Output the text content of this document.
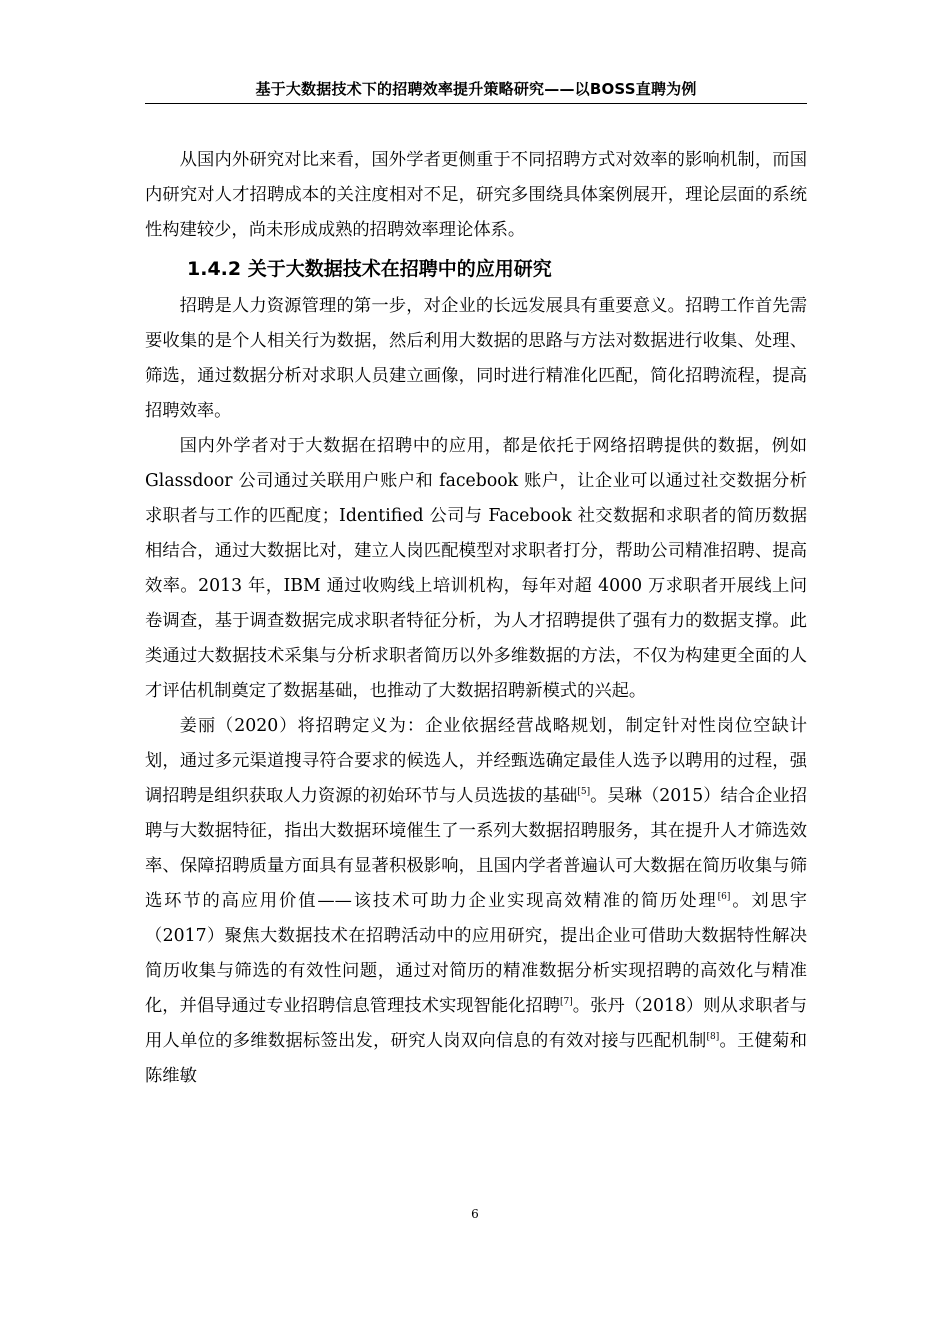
基于大数据技术下的招聘效率提升策略研究——以BOSS直聘为例

从国内外研究对比来看，国外学者更侧重于不同招聘方式对效率的影响机制，而国内研究对人才招聘成本的关注度相对不足，研究多围绕具体案例展开，理论层面的系统性构建较少，尚未形成成熟的招聘效率理论体系。

1.4.2 关于大数据技术在招聘中的应用研究

招聘是人力资源管理的第一步，对企业的长远发展具有重要意义。招聘工作首先需要收集的是个人相关行为数据，然后利用大数据的思路与方法对数据进行收集、处理、筛选，通过数据分析对求职人员建立画像，同时进行精准化匹配，简化招聘流程，提高招聘效率。

国内外学者对于大数据在招聘中的应用，都是依托于网络招聘提供的数据，例如 Glassdoor 公司通过关联用户账户和 facebook 账户，让企业可以通过社交数据分析求职者与工作的匹配度；Identified 公司与 Facebook 社交数据和求职者的简历数据相结合，通过大数据比对，建立人岗匹配模型对求职者打分，帮助公司精准招聘、提高效率。2013 年，IBM 通过收购线上培训机构，每年对超 4000 万求职者开展线上问卷调查，基于调查数据完成求职者特征分析，为人才招聘提供了强有力的数据支撑。此类通过大数据技术采集与分析求职者简历以外多维数据的方法，不仅为构建更全面的人才评估机制奠定了数据基础，也推动了大数据招聘新模式的兴起。

姜丽（2020）将招聘定义为：企业依据经营战略规划，制定针对性岗位空缺计划，通过多元渠道搜寻符合要求的候选人，并经甄选确定最佳人选予以聘用的过程，强调招聘是组织获取人力资源的初始环节与人员选拔的基础[5]。吴琳（2015）结合企业招聘与大数据特征，指出大数据环境催生了一系列大数据招聘服务，其在提升人才筛选效率、保障招聘质量方面具有显著积极影响，且国内学者普遍认可大数据在简历收集与筛选环节的高应用价值——该技术可助力企业实现高效精准的简历处理[6]。刘思宇（2017）聚焦大数据技术在招聘活动中的应用研究，提出企业可借助大数据特性解决简历收集与筛选的有效性问题，通过对简历的精准数据分析实现招聘的高效化与精准化，并倡导通过专业招聘信息管理技术实现智能化招聘[7]。张丹（2018）则从求职者与用人单位的多维数据标签出发，研究人岗双向信息的有效对接与匹配机制[8]。王健菊和陈维敏

6
